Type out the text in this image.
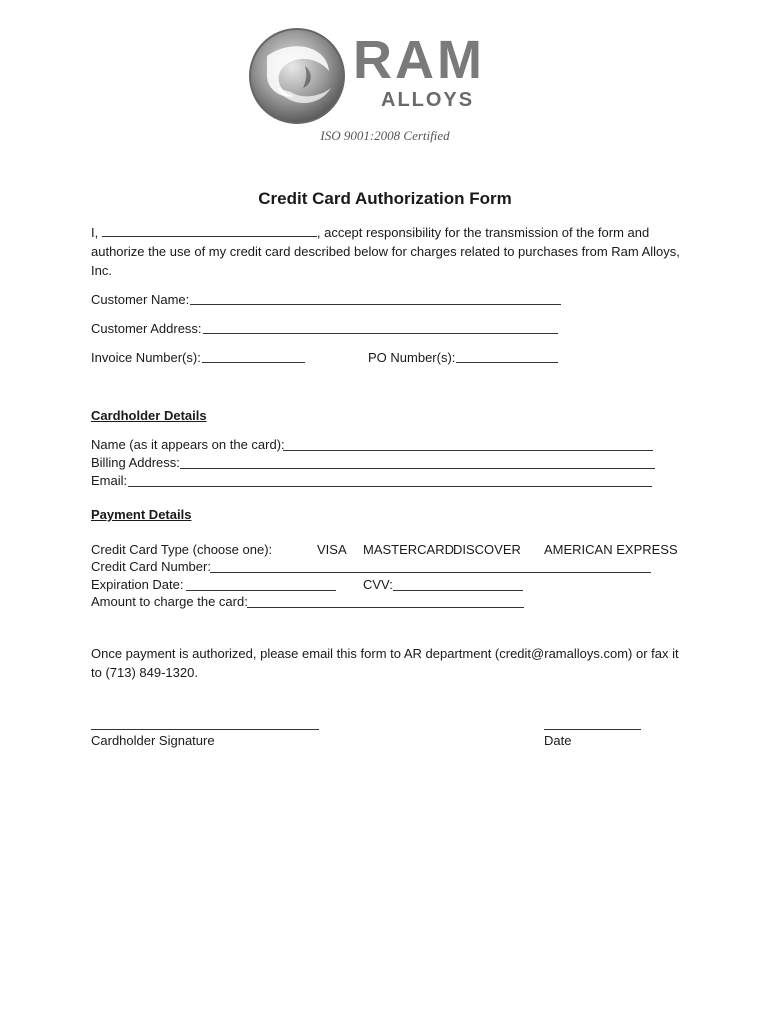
RAM
ALLOYS
ISO 9001:2008 Certified
Credit Card Authorization Form
I,	, accept responsibility for the transmission of the form and
authorize the use of my credit card described below for charges related to purchases from Ram Alloys,
Inc.
Customer Name:
Customer Address:
Invoice Number(s):	PO Number(s):
Cardholder Details
Name (as it appears on the card):
Billing Address:
Email:
Payment Details
Credit Card Type (choose one):	VISA MASTERCARD
DISCOVER AMERICAN EXPRESS
Credit Card Number:
Expiration Date:	CVV:
Amount to charge the card:
Once payment is authorized, please email this form to AR department (credit@ramalloys.com) or fax it
to (713) 849-1320.
Cardholder Signature	Date
